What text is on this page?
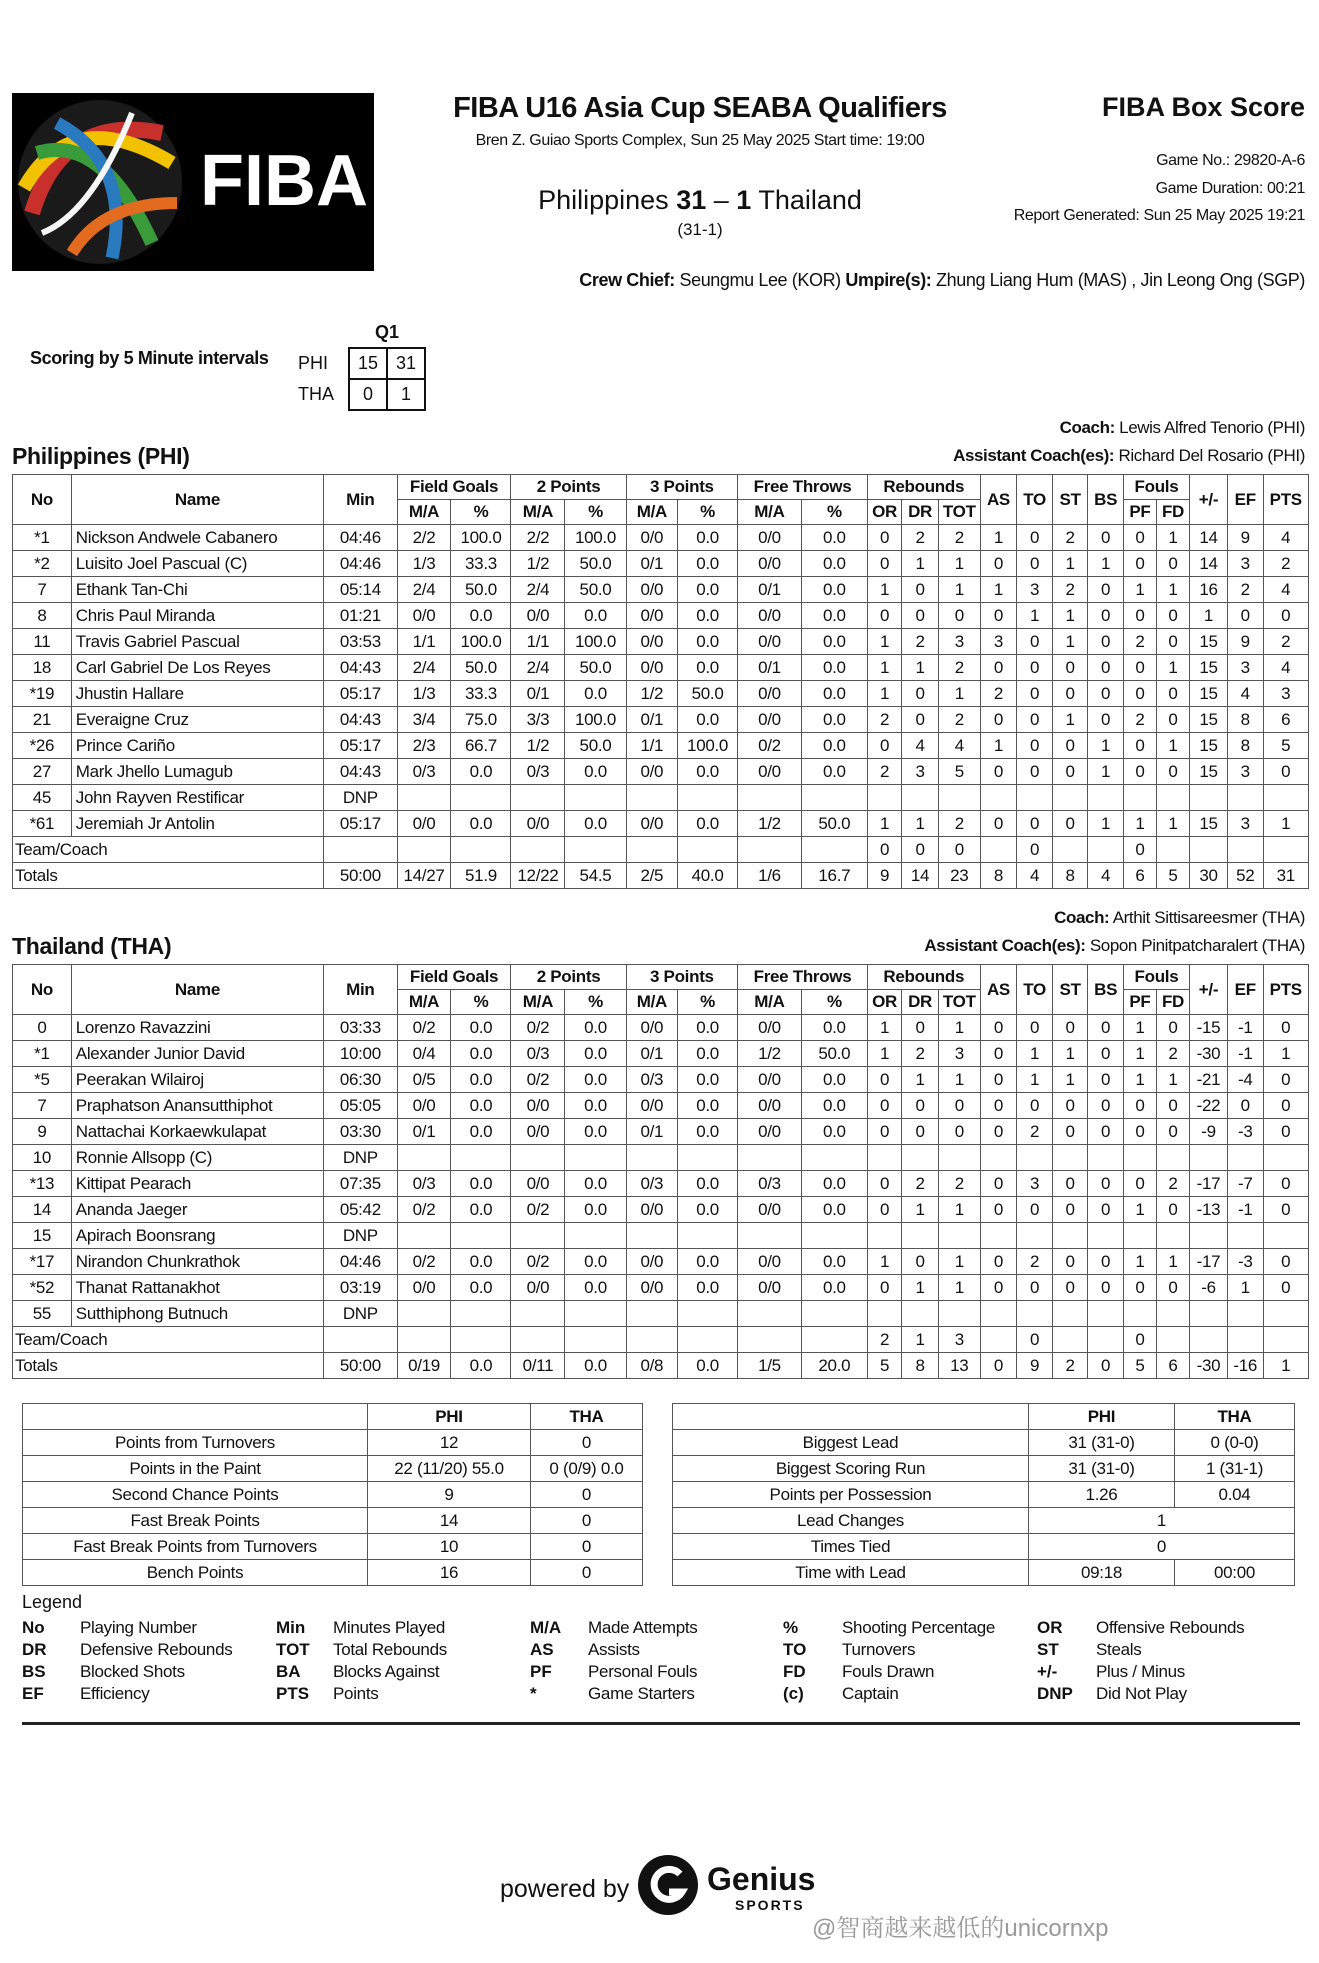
FIBA
FIBA U16 Asia Cup SEABA Qualifiers
Bren Z. Guiao Sports Complex, Sun 25 May 2025 Start time: 19:00
Philippines 31 – 1 Thailand
(31-1)
FIBA Box Score
Game No.: 29820-A-6
Game Duration: 00:21
Report Generated: Sun 25 May 2025 19:21
Crew Chief: Seungmu Lee (KOR) Umpire(s): Zhung Liang Hum (MAS) , Jin Leong Ong (SGP)
Scoring by 5 Minute intervals
	Q1	
PHI	15	31
THA	0	1
Coach: Lewis Alfred Tenorio (PHI)
Philippines (PHI)	Assistant Coach(es): Richard Del Rosario (PHI)
No	Name	Min	Field Goals		2 Points		3 Points		Free Throws		Rebounds			AS	TO	ST	BS	Fouls		+/-	EF	PTS
			M/A	%	M/A	%	M/A	%	M/A	%	OR	DR	TOT					PF	FD			
*1	Nickson Andwele Cabanero	04:46	2/2	100.0	2/2	100.0	0/0	0.0	0/0	0.0	0	2	2	1	0	2	0	0	1	14	9	4
*2	Luisito Joel Pascual (C)	04:46	1/3	33.3	1/2	50.0	0/1	0.0	0/0	0.0	0	1	1	0	0	1	1	0	0	14	3	2
7	Ethank Tan-Chi	05:14	2/4	50.0	2/4	50.0	0/0	0.0	0/1	0.0	1	0	1	1	3	2	0	1	1	16	2	4
8	Chris Paul Miranda	01:21	0/0	0.0	0/0	0.0	0/0	0.0	0/0	0.0	0	0	0	0	1	1	0	0	0	1	0	0
11	Travis Gabriel Pascual	03:53	1/1	100.0	1/1	100.0	0/0	0.0	0/0	0.0	1	2	3	3	0	1	0	2	0	15	9	2
18	Carl Gabriel De Los Reyes	04:43	2/4	50.0	2/4	50.0	0/0	0.0	0/1	0.0	1	1	2	0	0	0	0	0	1	15	3	4
*19	Jhustin Hallare	05:17	1/3	33.3	0/1	0.0	1/2	50.0	0/0	0.0	1	0	1	2	0	0	0	0	0	15	4	3
21	Everaigne Cruz	04:43	3/4	75.0	3/3	100.0	0/1	0.0	0/0	0.0	2	0	2	0	0	1	0	2	0	15	8	6
*26	Prince Cariño	05:17	2/3	66.7	1/2	50.0	1/1	100.0	0/2	0.0	0	4	4	1	0	0	1	0	1	15	8	5
27	Mark Jhello Lumagub	04:43	0/3	0.0	0/3	0.0	0/0	0.0	0/0	0.0	2	3	5	0	0	0	1	0	0	15	3	0
45	John Rayven Restificar	DNP																				
*61	Jeremiah Jr Antolin	05:17	0/0	0.0	0/0	0.0	0/0	0.0	1/2	50.0	1	1	2	0	0	0	1	1	1	15	3	1
Team/Coach											0	0	0		0			0				
Totals		50:00	14/27	51.9	12/22	54.5	2/5	40.0	1/6	16.7	9	14	23	8	4	8	4	6	5	30	52	31
Coach: Arthit Sittisareesmer (THA)
Thailand (THA)	Assistant Coach(es): Sopon Pinitpatcharalert (THA)
No	Name	Min	Field Goals		2 Points		3 Points		Free Throws		Rebounds			AS	TO	ST	BS	Fouls		+/-	EF	PTS
			M/A	%	M/A	%	M/A	%	M/A	%	OR	DR	TOT					PF	FD			
0	Lorenzo Ravazzini	03:33	0/2	0.0	0/2	0.0	0/0	0.0	0/0	0.0	1	0	1	0	0	0	0	1	0	-15	-1	0
*1	Alexander Junior David	10:00	0/4	0.0	0/3	0.0	0/1	0.0	1/2	50.0	1	2	3	0	1	1	0	1	2	-30	-1	1
*5	Peerakan Wilairoj	06:30	0/5	0.0	0/2	0.0	0/3	0.0	0/0	0.0	0	1	1	0	1	1	0	1	1	-21	-4	0
7	Praphatson Anansutthiphot	05:05	0/0	0.0	0/0	0.0	0/0	0.0	0/0	0.0	0	0	0	0	0	0	0	0	0	-22	0	0
9	Nattachai Korkaewkulapat	03:30	0/1	0.0	0/0	0.0	0/1	0.0	0/0	0.0	0	0	0	0	2	0	0	0	0	-9	-3	0
10	Ronnie Allsopp (C)	DNP																				
*13	Kittipat Pearach	07:35	0/3	0.0	0/0	0.0	0/3	0.0	0/3	0.0	0	2	2	0	3	0	0	0	2	-17	-7	0
14	Ananda Jaeger	05:42	0/2	0.0	0/2	0.0	0/0	0.0	0/0	0.0	0	1	1	0	0	0	0	1	0	-13	-1	0
15	Apirach Boonsrang	DNP																				
*17	Nirandon Chunkrathok	04:46	0/2	0.0	0/2	0.0	0/0	0.0	0/0	0.0	1	0	1	0	2	0	0	1	1	-17	-3	0
*52	Thanat Rattanakhot	03:19	0/0	0.0	0/0	0.0	0/0	0.0	0/0	0.0	0	1	1	0	0	0	0	0	0	-6	1	0
55	Sutthiphong Butnuch	DNP																				
Team/Coach											2	1	3		0			0				
Totals		50:00	0/19	0.0	0/11	0.0	0/8	0.0	1/5	20.0	5	8	13	0	9	2	0	5	6	-30	-16	1
	PHI	THA
Points from Turnovers	12	0
Points in the Paint	22 (11/20) 55.0	0 (0/9) 0.0
Second Chance Points	9	0
Fast Break Points	14	0
Fast Break Points from Turnovers	10	0
Bench Points	16	0
	PHI	THA
Biggest Lead	31 (31-0)	0 (0-0)
Biggest Scoring Run	31 (31-0)	1 (31-1)
Points per Possession	1.26	0.04
Lead Changes	1	
Times Tied	0	
Time with Lead	09:18	00:00
Legend
No Playing Number	Min Minutes Played	M/A Made Attempts	%	Shooting Percentage OR Offensive Rebounds
DR Defensive Rebounds	TOT Total Rebounds	AS Assists	TO Turnovers	ST Steals
BS Blocked Shots	BA Blocks Against	PF Personal Fouls	FD Fouls Drawn	+/- Plus / Minus
EF Efficiency	PTS Points	*	Game Starters	(c) Captain	DNP Did Not Play
powered by Genius
SPORTS
@智商越来越低的unicornxp
